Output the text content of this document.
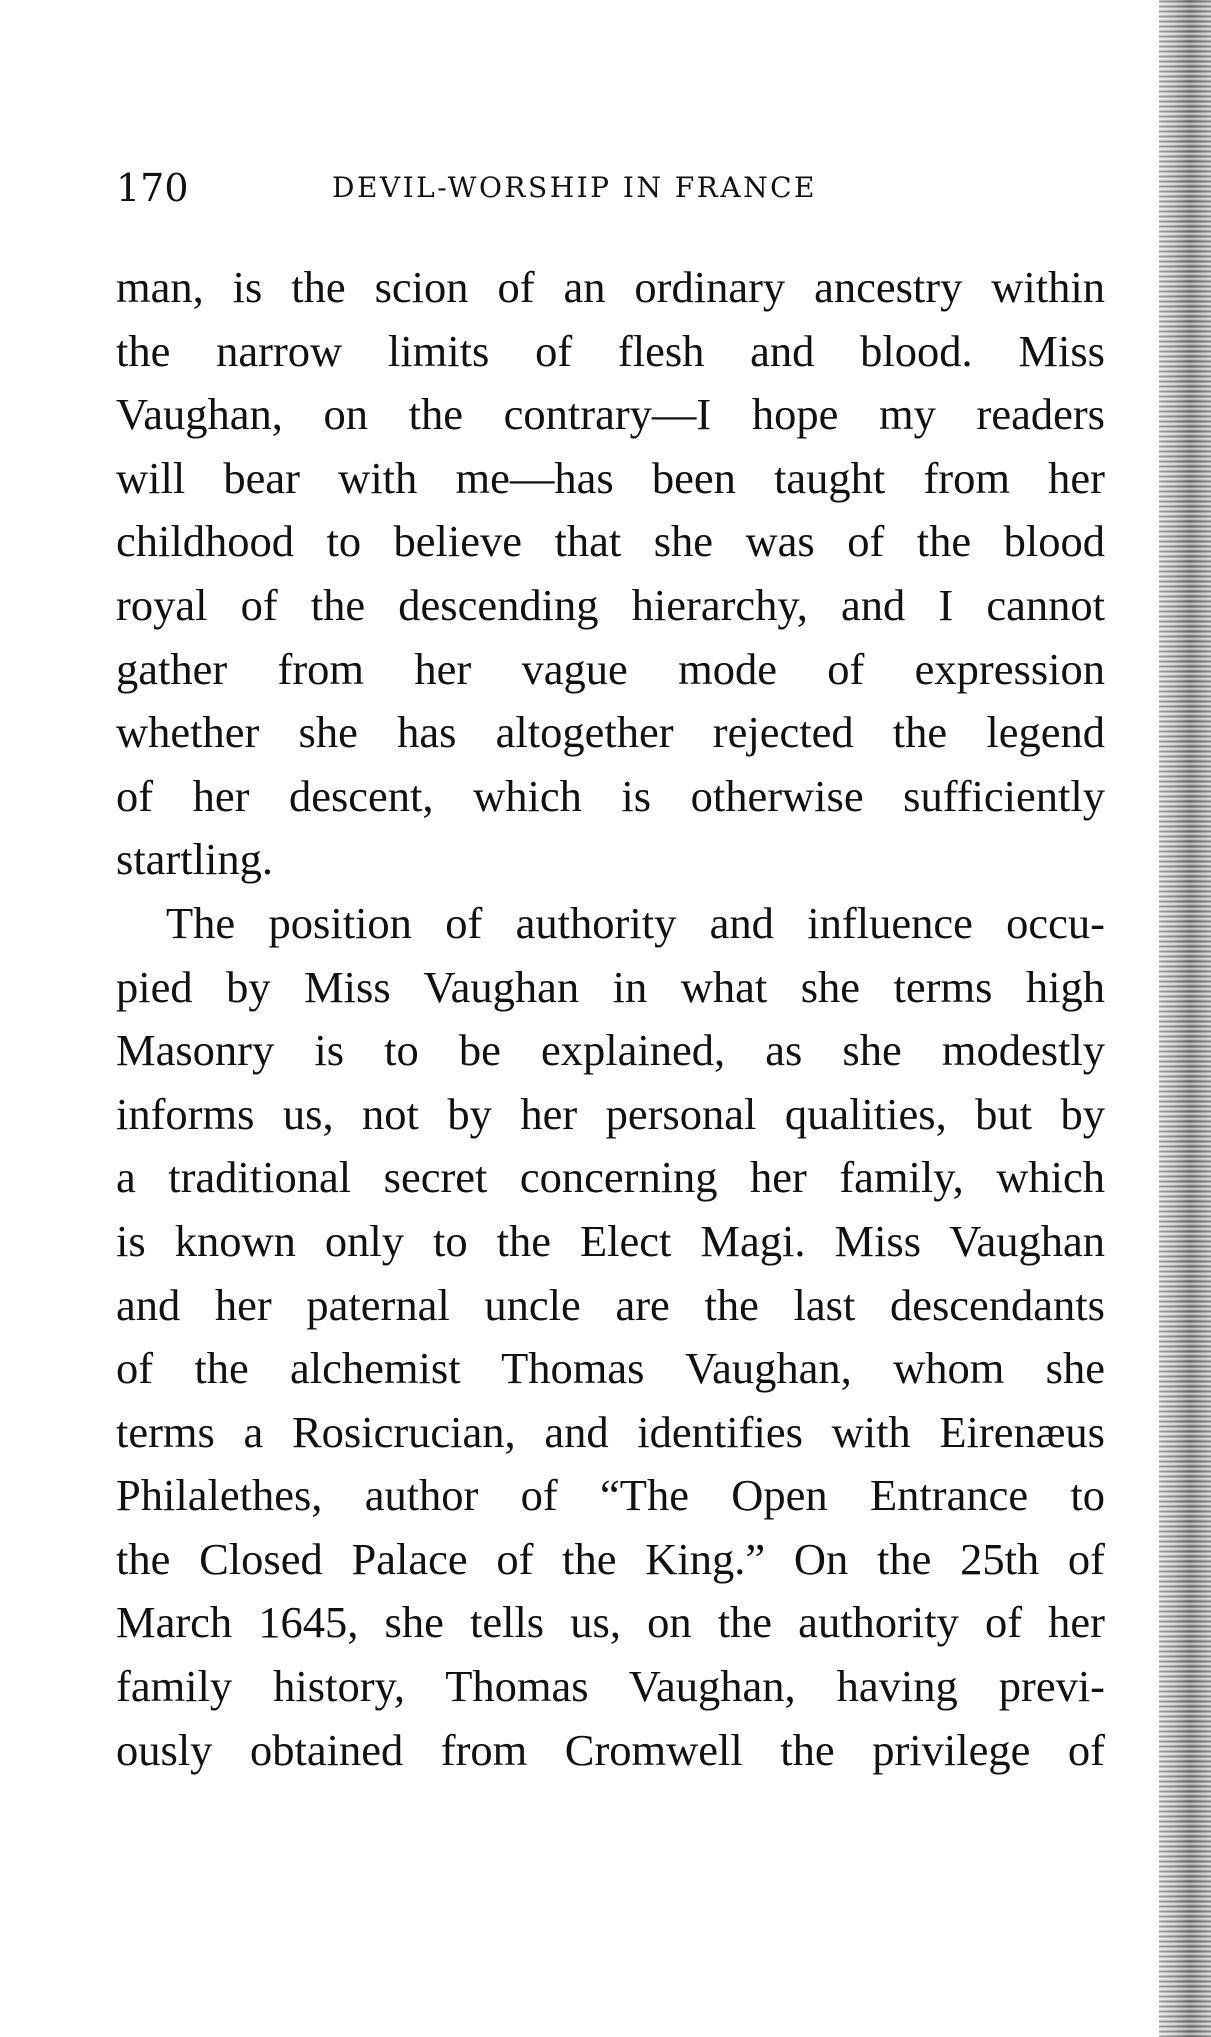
170	DEVIL-WORSHIP IN FRANCE
man, is the scion of an ordinary ancestry within
the narrow limits of flesh and blood. Miss
Vaughan, on the contrary—I hope my readers
will bear with me—has been taught from her
childhood to believe that she was of the blood
royal of the descending hierarchy, and I cannot
gather from her vague mode of expression
whether she has altogether rejected the legend
of her descent, which is otherwise sufficiently
startling.
The position of authority and influence occu-
pied by Miss Vaughan in what she terms high
Masonry is to be explained, as she modestly
informs us, not by her personal qualities, but by
a traditional secret concerning her family, which
is known only to the Elect Magi. Miss Vaughan
and her paternal uncle are the last descendants
of the alchemist Thomas Vaughan, whom she
terms a Rosicrucian, and identifies with Eirenæus
Philalethes, author of “The Open Entrance to
the Closed Palace of the King.” On the 25th of
March 1645, she tells us, on the authority of her
family history, Thomas Vaughan, having previ-
ously obtained from Cromwell the privilege of
